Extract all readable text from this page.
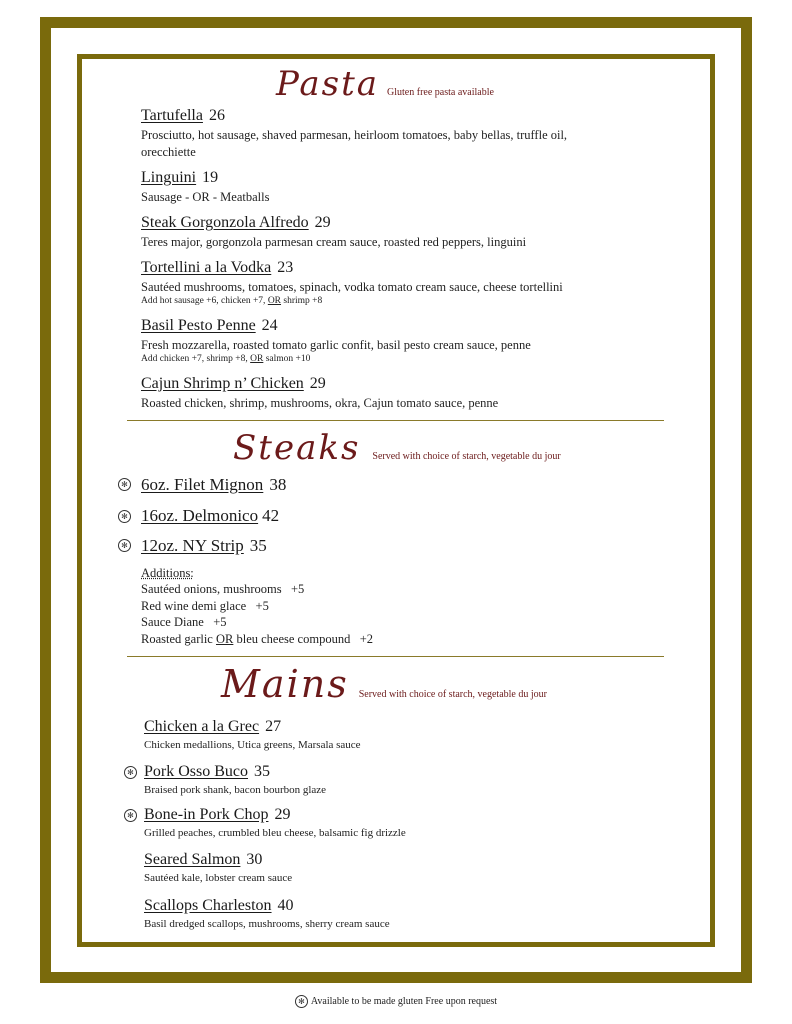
Pasta Gluten free pasta available
Tartufella 26
Prosciutto, hot sausage, shaved parmesan, heirloom tomatoes, baby bellas, truffle oil,
orecchiette
Linguini 19
Sausage - OR - Meatballs
Steak Gorgonzola Alfredo 29
Teres major, gorgonzola parmesan cream sauce, roasted red peppers, linguini
Tortellini a la Vodka 23
Sautéed mushrooms, tomatoes, spinach, vodka tomato cream sauce, cheese tortellini
Add hot sausage +6, chicken +7, OR shrimp +8
Basil Pesto Penne 24
Fresh mozzarella, roasted tomato garlic confit, basil pesto cream sauce, penne
Add chicken +7, shrimp +8, OR salmon +10
Cajun Shrimp n’ Chicken 29
Roasted chicken, shrimp, mushrooms, okra, Cajun tomato sauce, penne
Steaks Served with choice of starch, vegetable du jour
✻ 6oz. Filet Mignon 38
✻ 16oz. Delmonico 42
✻ 12oz. NY Strip 35
Additions:
Sautéed onions, mushrooms   +5
Red wine demi glace   +5
Sauce Diane   +5
Roasted garlic OR bleu cheese compound   +2
Mains Served with choice of starch, vegetable du jour
Chicken a la Grec 27
Chicken medallions, Utica greens, Marsala sauce
✻ Pork Osso Buco 35
Braised pork shank, bacon bourbon glaze
✻ Bone-in Pork Chop 29
Grilled peaches, crumbled bleu cheese, balsamic fig drizzle
Seared Salmon 30
Sautéed kale, lobster cream sauce
Scallops Charleston 40
Basil dredged scallops, mushrooms, sherry cream sauce
✻ Available to be made gluten Free upon request
